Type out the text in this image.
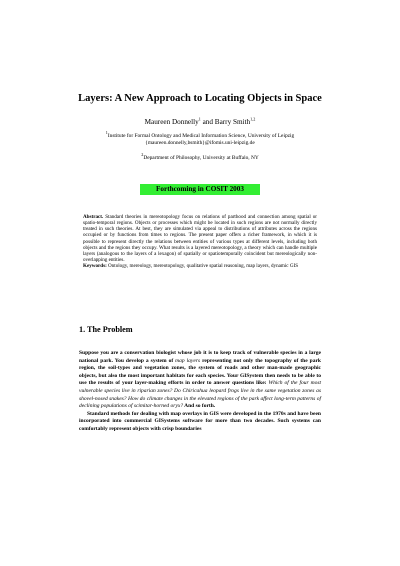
Layers: A New Approach to Locating Objects in Space
Maureen Donnelly$^1$ and Barry Smith$^{1,2}$
$^1$Institute for Formal Ontology and Medical Information Science, University of Leipzig
{maureen.donnelly,bsmith}@ifomis.uni-leipzig.de
$^2$Department of Philosophy, University at Buffalo, NY
Forthcoming in COSIT 2003
Abstract. Standard theories in mereotopology focus on relations of parthood and connection among spatial or spatio-temporal regions. Objects or processes which might be located in such regions are not normally directly treated in such theories. At best, they are simulated via appeal to distributions of attributes across the regions occupied or by functions from times to regions. The present paper offers a richer framework, in which it is possible to represent directly the relations between entities of various types at different levels, including both objects and the regions they occupy. What results is a layered mereotopology, a theory which can handle multiple layers (analogous to the layers of a lexagon) of spatially or spatiotemporally coincident but mereologically non-overlapping entities.
Keywords: Ontology, mereology, mereotopology, qualitative spatial reasoning, map layers, dynamic GIS
1. The Problem

Suppose you are a conservation biologist whose job it is to keep track of vulnerable species in a large national park. You develop a system of map layers representing not only the topography of the park region, the soil-types and vegetation zones, the system of roads and other man-made geographic objects, but also the most important habitats for each species. Your GISystem then needs to be able to use the results of your layer-making efforts in order to answer questions like: Which of the four most vulnerable species live in riparian zones? Do Chiricahua leopard frogs live in the same vegetation zones as shovel-nosed snakes? How do climate changes in the elevated regions of the park affect long-term patterns of declining populations of scimitar-horned oryx? And so forth.

Standard methods for dealing with map overlays in GIS were developed in the 1970s and have been incorporated into commercial GISystems software for more than two decades. Such systems can comfortably represent objects with crisp boundaries
